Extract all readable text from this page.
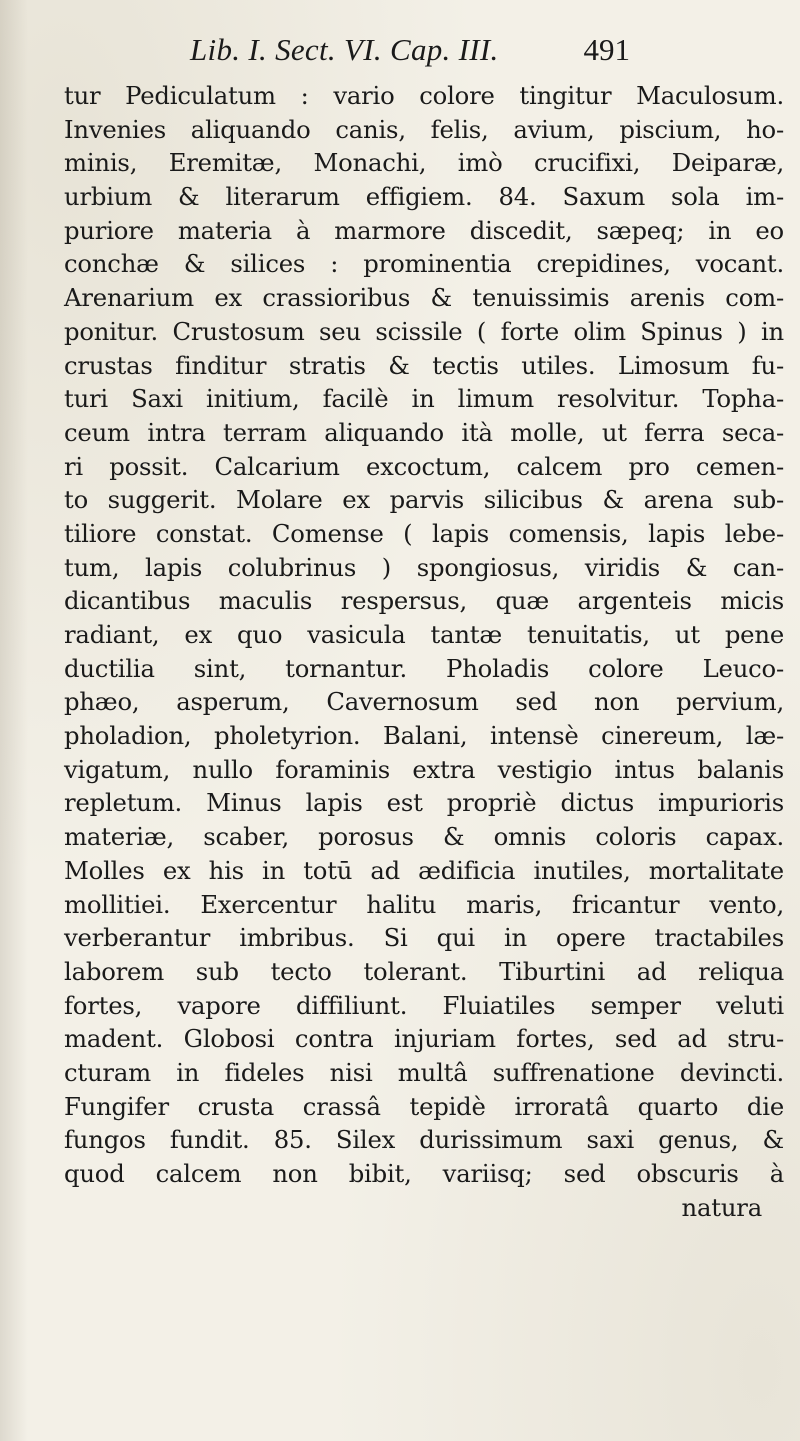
Lib. I. Sect. VI. Cap. III.	491
tur Pediculatum : vario colore tingitur Maculosum.
Invenies aliquando canis, felis, avium, piscium, ho-
minis, Eremitæ, Monachi, imò crucifixi, Deiparæ,
urbium & literarum effigiem. 84. Saxum sola im-
puriore materia à marmore discedit, sæpeq; in eo
conchæ & silices : prominentia crepidines, vocant.
Arenarium ex crassioribus & tenuissimis arenis com-
ponitur. Crustosum seu scissile ( forte olim Spinus ) in
crustas finditur stratis & tectis utiles. Limosum fu-
turi Saxi initium, facilè in limum resolvitur. Topha-
ceum intra terram aliquando ità molle, ut ferra seca-
ri possit. Calcarium excoctum, calcem pro cemen-
to suggerit. Molare ex parvis silicibus & arena sub-
tiliore constat. Comense ( lapis comensis, lapis lebe-
tum, lapis colubrinus ) spongiosus, viridis & can-
dicantibus maculis respersus, quæ argenteis micis
radiant, ex quo vasicula tantæ tenuitatis, ut pene
ductilia sint, tornantur. Pholadis colore Leuco-
phæo, asperum, Cavernosum sed non pervium,
pholadion, pholetyrion. Balani, intensè cinereum, læ-
vigatum, nullo foraminis extra vestigio intus balanis
repletum. Minus lapis est propriè dictus impurioris
materiæ, scaber, porosus & omnis coloris capax.
Molles ex his in totū ad ædificia inutiles, mortalitate
mollitiei. Exercentur halitu maris, fricantur vento,
verberantur imbribus. Si qui in opere tractabiles
laborem sub tecto tolerant. Tiburtini ad reliqua
fortes, vapore diffiliunt. Fluiatiles semper veluti
madent. Globosi contra injuriam fortes, sed ad stru-
cturam in fideles nisi multâ suffrenatione devincti.
Fungifer crusta crassâ tepidè irroratâ quarto die
fungos fundit. 85. Silex durissimum saxi genus, &
quod calcem non bibit, variisq; sed obscuris à
natura
